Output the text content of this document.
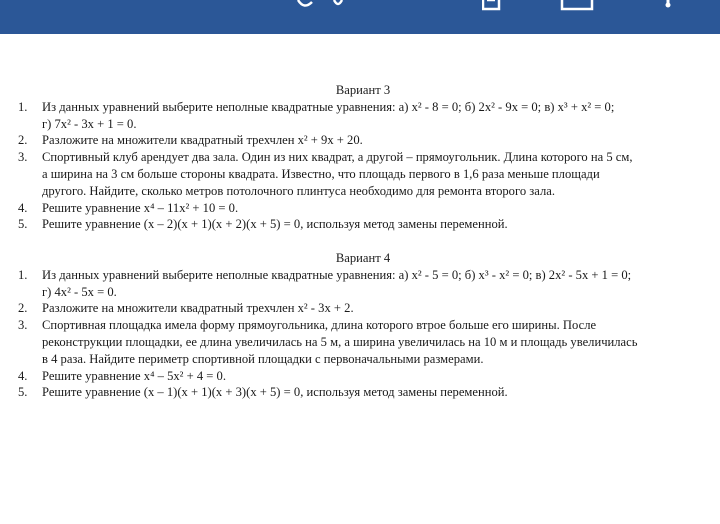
Вариант 3
1. Из данных уравнений выберите неполные квадратные уравнения: а) x² - 8 = 0; б) 2x² - 9x = 0; в) x³ + x² = 0;
г) 7x² - 3x + 1 = 0.
2. Разложите на множители квадратный трехчлен x² + 9x + 20.
3. Спортивный клуб арендует два зала. Один из них квадрат, а другой – прямоугольник. Длина которого на 5 см,
а ширина на 3 см больше стороны квадрата. Известно, что площадь первого в 1,6 раза меньше площади
другого. Найдите, сколько метров потолочного плинтуса необходимо для ремонта второго зала.
4. Решите уравнение x⁴ – 11x² + 10 = 0.
5. Решите уравнение (x – 2)(x + 1)(x + 2)(x + 5) = 0, используя метод замены переменной.
Вариант 4
1. Из данных уравнений выберите неполные квадратные уравнения: а) x² - 5 = 0; б) x³ - x² = 0; в) 2x² - 5x + 1 = 0;
г) 4x² - 5x = 0.
2. Разложите на множители квадратный трехчлен x² - 3x + 2.
3. Спортивная площадка имела форму прямоугольника, длина которого втрое больше его ширины. После
реконструкции площадки, ее длина увеличилась на 5 м, а ширина увеличилась на 10 м и площадь увеличилась
в 4 раза. Найдите периметр спортивной площадки с первоначальными размерами.
4. Решите уравнение x⁴ – 5x² + 4 = 0.
5. Решите уравнение (x – 1)(x + 1)(x + 3)(x + 5) = 0, используя метод замены переменной.
